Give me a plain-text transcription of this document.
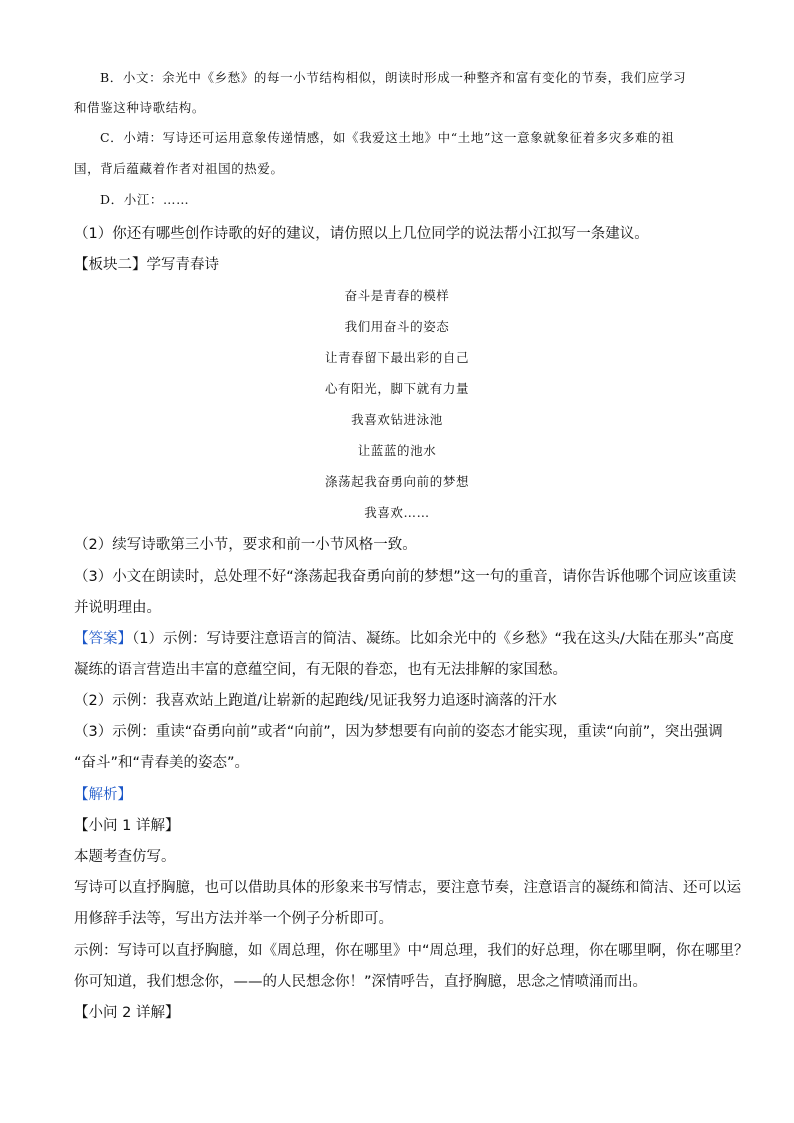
B．小文：余光中《乡愁》的每一小节结构相似，朗读时形成一种整齐和富有变化的节奏，我们应学习
和借鉴这种诗歌结构。
C．小靖：写诗还可运用意象传递情感，如《我爱这土地》中“土地”这一意象就象征着多灾多难的祖
国，背后蕴藏着作者对祖国的热爱。
D．小江：……
（1）你还有哪些创作诗歌的好的建议，请仿照以上几位同学的说法帮小江拟写一条建议。
【板块二】学写青春诗
奋斗是青春的模样
我们用奋斗的姿态
让青春留下最出彩的自己
心有阳光，脚下就有力量
我喜欢钻进泳池
让蓝蓝的池水
涤荡起我奋勇向前的梦想
我喜欢……
（2）续写诗歌第三小节，要求和前一小节风格一致。
（3）小文在朗读时，总处理不好“涤荡起我奋勇向前的梦想”这一句的重音，请你告诉他哪个词应该重读
并说明理由。
【答案】（1）示例：写诗要注意语言的简洁、凝练。比如余光中的《乡愁》“我在这头/大陆在那头”高度
凝练的语言营造出丰富的意蕴空间，有无限的眷恋，也有无法排解的家国愁。
（2）示例：我喜欢站上跑道/让崭新的起跑线/见证我努力追逐时滴落的汗水
（3）示例：重读“奋勇向前”或者“向前”，因为梦想要有向前的姿态才能实现，重读“向前”，突出强调
“奋斗”和“青春美的姿态”。
【解析】
【小问 1 详解】
本题考查仿写。
写诗可以直抒胸臆，也可以借助具体的形象来书写情志，要注意节奏，注意语言的凝练和简洁、还可以运
用修辞手法等，写出方法并举一个例子分析即可。
示例：写诗可以直抒胸臆，如《周总理，你在哪里》中“周总理，我们的好总理，你在哪里啊，你在哪里？
你可知道，我们想念你，——的人民想念你！”深情呼告，直抒胸臆，思念之情喷涌而出。
【小问 2 详解】
